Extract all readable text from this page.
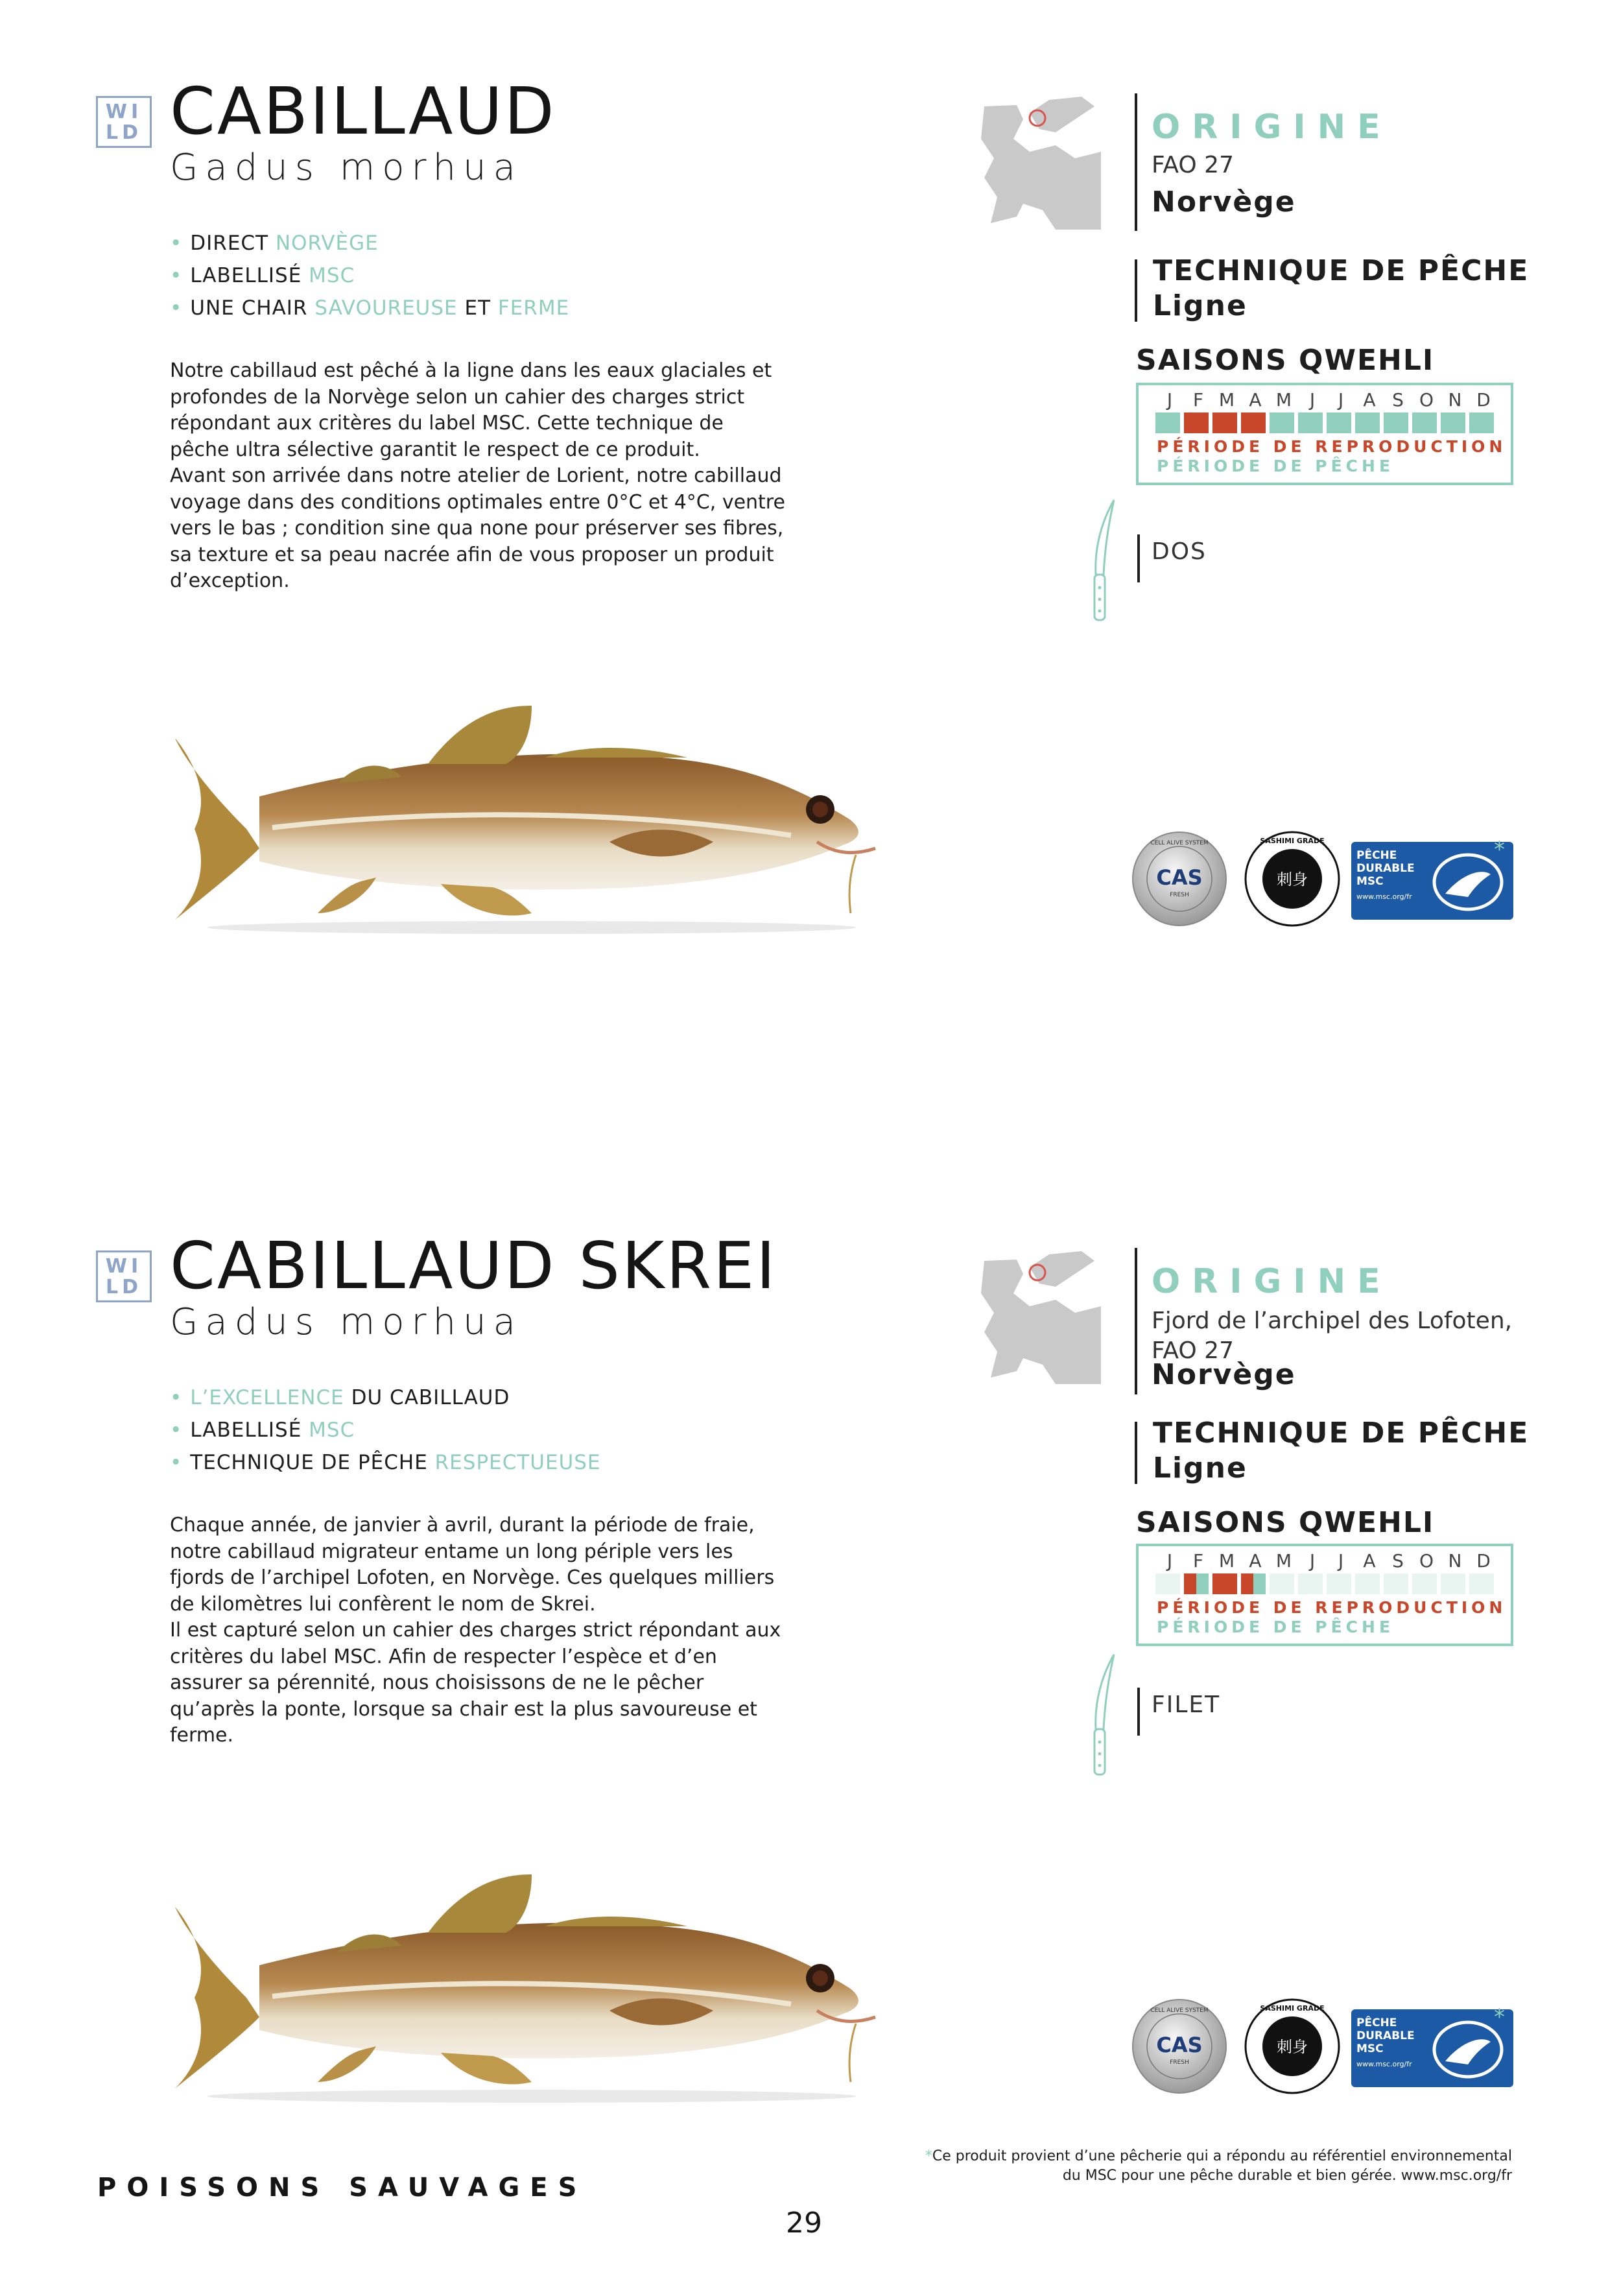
WI
LD CABILLAUD
Gadus morhua
• DIRECT NORVÈGE
• LABELLISÉ MSC
• UNE CHAIR SAVOUREUSE ET FERME

Notre cabillaud est pêché à la ligne dans les eaux glaciales et profondes de la Norvège selon un cahier des charges strict répondant aux critères du label MSC. Cette technique de pêche ultra sélective garantit le respect de ce produit.

Avant son arrivée dans notre atelier de Lorient, notre cabillaud voyage dans des conditions optimales entre 0°C et 4°C, ventre vers le bas ; condition sine qua none pour préserver ses fibres, sa texture et sa peau nacrée afin de vous proposer un produit d’exception.

ORIGINE
FAO 27
Norvège
TECHNIQUE DE PÊCHE
Ligne
SAISONS QWEHLI
J	F M A M J	J	A S O N D
PÉRIODE DE REPRODUCTION
PÉRIODE DE PÊCHE
DOS
CAS
FRESH
CELL ALIVE SYSTEM
刺身
SASHIMI GRADE
PÊCHE
DURABLE
MSC
www.msc.org/fr
*
WI
LD CABILLAUD SKREI
Gadus morhua
• L’EXCELLENCE DU CABILLAUD
• LABELLISÉ MSC
• TECHNIQUE DE PÊCHE RESPECTUEUSE

Chaque année, de janvier à avril, durant la période de fraie, notre cabillaud migrateur entame un long périple vers les fjords de l’archipel Lofoten, en Norvège. Ces quelques milliers de kilomètres lui confèrent le nom de Skrei.

Il est capturé selon un cahier des charges strict répondant aux critères du label MSC. Afin de respecter l’espèce et d’en assurer sa pérennité, nous choisissons de ne le pêcher qu’après la ponte, lorsque sa chair est la plus savoureuse et ferme.

ORIGINE
Fjord de l’archipel des Lofoten,
FAO 27
Norvège
TECHNIQUE DE PÊCHE
Ligne
SAISONS QWEHLI
J	F M A M J	J	A S O N D
PÉRIODE DE REPRODUCTION
PÉRIODE DE PÊCHE
FILET
CAS
FRESH
CELL ALIVE SYSTEM
刺身
SASHIMI GRADE
PÊCHE
DURABLE
MSC
www.msc.org/fr
*
POISSONS SAUVAGES
*Ce produit provient d’une pêcherie qui a répondu au référentiel environnemental
du MSC pour une pêche durable et bien gérée. www.msc.org/fr
29
